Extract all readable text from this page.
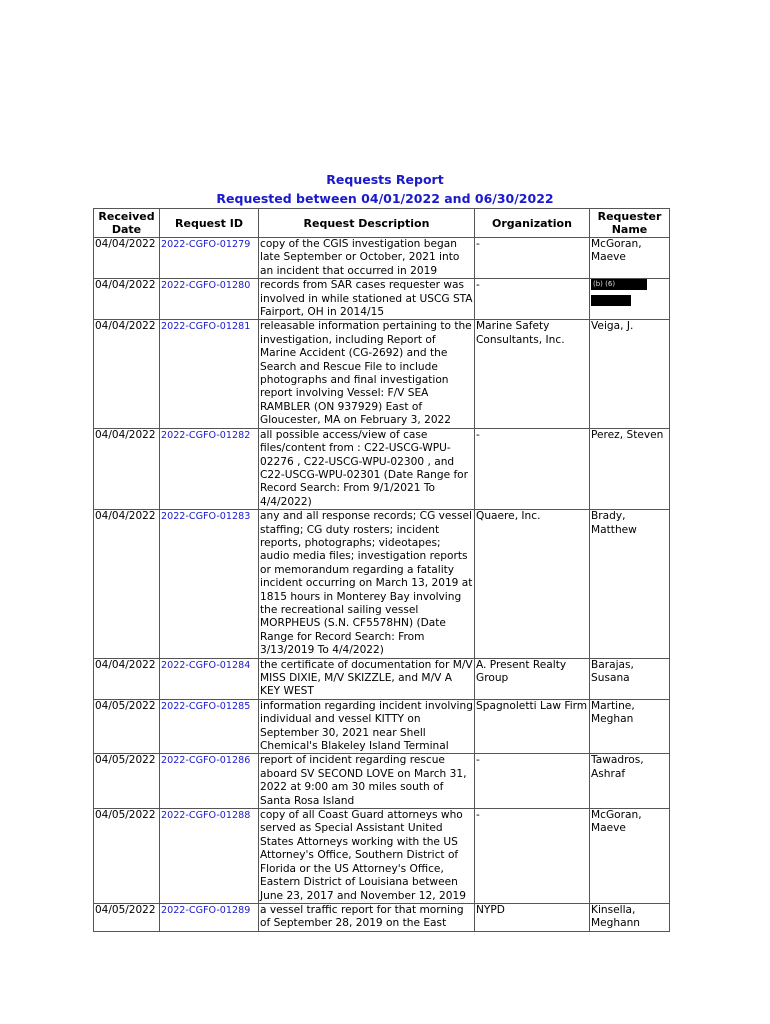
Requests Report
Requested between 04/01/2022 and 06/30/2022
Received Date	Request ID	Request Description	Organization	Requester Name
04/04/2022	2022-CGFO-01279	copy of the CGIS investigation began late September or October, 2021 into an incident that occurred in 2019	-	McGoran, Maeve
04/04/2022	2022-CGFO-01280	records from SAR cases requester was involved in while stationed at USCG STA Fairport, OH in 2014/15	-	(b) (6)

04/04/2022	2022-CGFO-01281	releasable information pertaining to the investigation, including Report of Marine Accident (CG-2692) and the Search and Rescue File to include photographs and final investigation report involving Vessel: F/V SEA RAMBLER (ON 937929) East of Gloucester, MA on February 3, 2022	Marine Safety Consultants, Inc.	Veiga, J.
04/04/2022	2022-CGFO-01282	all possible access/view of case files/content from : C22-USCG-WPU-02276 , C22-USCG-WPU-02300 , and C22-USCG-WPU-02301 (Date Range for Record Search: From 9/1/2021 To 4/4/2022)	-	Perez, Steven
04/04/2022	2022-CGFO-01283	any and all response records; CG vessel staffing; CG duty rosters; incident reports, photographs; videotapes; audio media files; investigation reports or memorandum regarding a fatality incident occurring on March 13, 2019 at 1815 hours in Monterey Bay involving the recreational sailing vessel MORPHEUS (S.N. CF5578HN) (Date Range for Record Search: From 3/13/2019 To 4/4/2022)	Quaere, Inc.	Brady, Matthew
04/04/2022	2022-CGFO-01284	the certificate of documentation for M/V MISS DIXIE, M/V SKIZZLE, and M/V A KEY WEST	A. Present Realty Group	Barajas, Susana
04/05/2022	2022-CGFO-01285	information regarding incident involving individual and vessel KITTY on September 30, 2021 near Shell Chemical's Blakeley Island Terminal	Spagnoletti Law Firm	Martine, Meghan
04/05/2022	2022-CGFO-01286	report of incident regarding rescue aboard SV SECOND LOVE on March 31, 2022 at 9:00 am 30 miles south of Santa Rosa Island	-	Tawadros, Ashraf
04/05/2022	2022-CGFO-01288	copy of all Coast Guard attorneys who served as Special Assistant United States Attorneys working with the US Attorney's Office, Southern District of Florida or the US Attorney's Office, Eastern District of Louisiana between June 23, 2017 and November 12, 2019	-	McGoran, Maeve
04/05/2022	2022-CGFO-01289	a vessel traffic report for that morning of September 28, 2019 on the East	NYPD	Kinsella, Meghann
